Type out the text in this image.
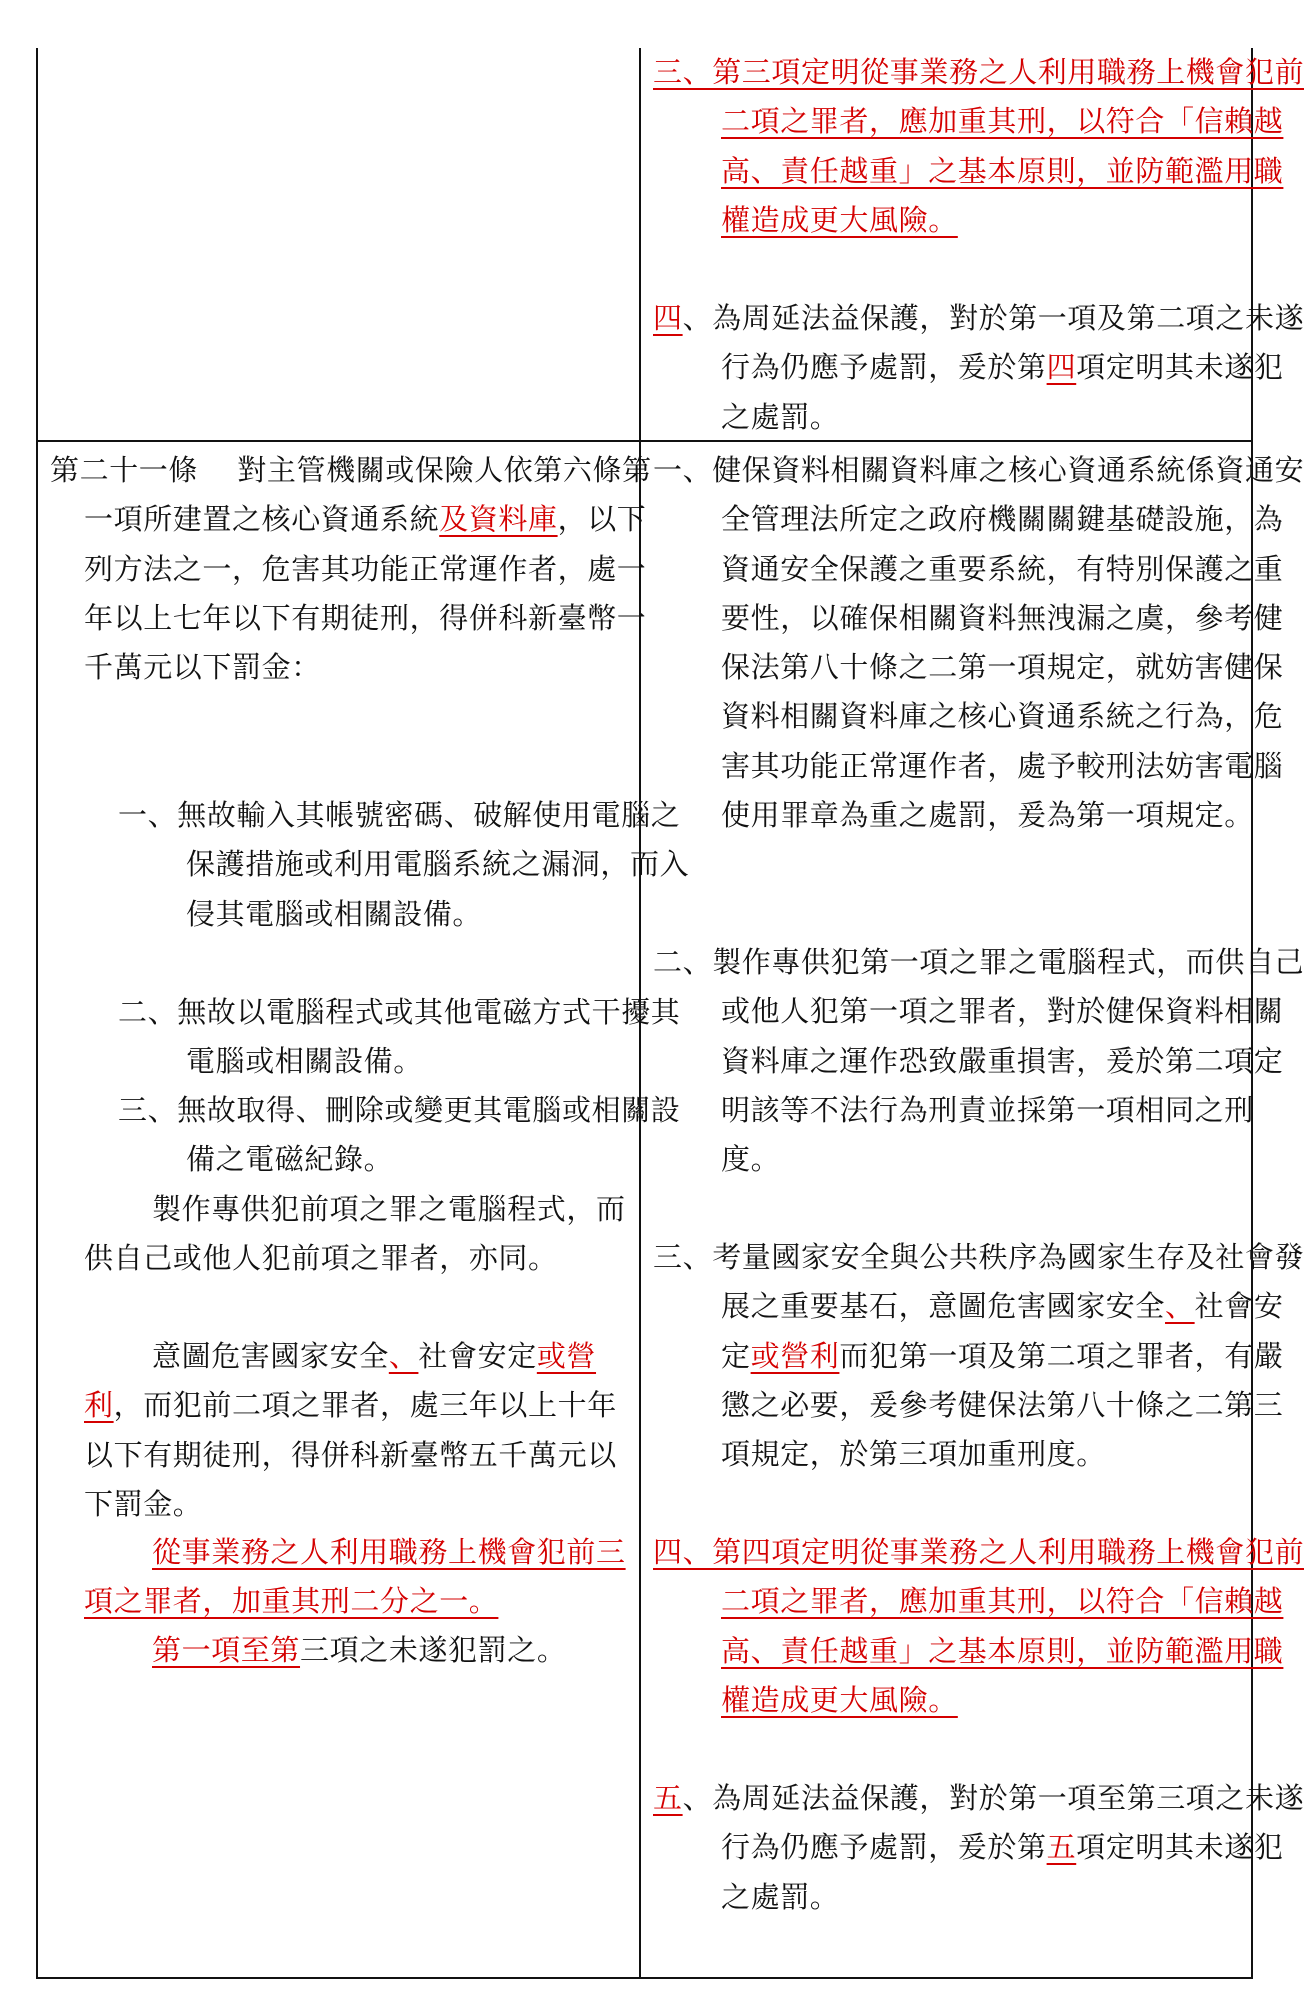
三、第三項定明從事業務之人利用職務上機會犯前二項之罪者，應加重其刑，以符合「信賴越高、責任越重」之基本原則，並防範濫用職權造成更大風險。

四、為周延法益保護，對於第一項及第二項之未遂行為仍應予處罰，爰於第四項定明其未遂犯之處罰。

第二十一條 對主管機關或保險人依第六條第一項所建置之核心資通系統及資料庫，以下列方法之一，危害其功能正常運作者，處一年以上七年以下有期徒刑，得併科新臺幣一千萬元以下罰金：

一、無故輸入其帳號密碼、破解使用電腦之保護措施或利用電腦系統之漏洞，而入侵其電腦或相關設備。

二、無故以電腦程式或其他電磁方式干擾其電腦或相關設備。

三、無故取得、刪除或變更其電腦或相關設備之電磁紀錄。

製作專供犯前項之罪之電腦程式，而供自己或他人犯前項之罪者，亦同。

意圖危害國家安全、社會安定或營利，而犯前二項之罪者，處三年以上十年以下有期徒刑，得併科新臺幣五千萬元以下罰金。

從事業務之人利用職務上機會犯前三項之罪者，加重其刑二分之一。

第一項至第三項之未遂犯罰之。

一、健保資料相關資料庫之核心資通系統係資通安全管理法所定之政府機關關鍵基礎設施，為資通安全保護之重要系統，有特別保護之重要性，以確保相關資料無洩漏之虞，參考健保法第八十條之二第一項規定，就妨害健保資料相關資料庫之核心資通系統之行為，危害其功能正常運作者，處予較刑法妨害電腦使用罪章為重之處罰，爰為第一項規定。

二、製作專供犯第一項之罪之電腦程式，而供自己或他人犯第一項之罪者，對於健保資料相關資料庫之運作恐致嚴重損害，爰於第二項定明該等不法行為刑責並採第一項相同之刑度。

三、考量國家安全與公共秩序為國家生存及社會發展之重要基石，意圖危害國家安全、社會安定或營利而犯第一項及第二項之罪者，有嚴懲之必要，爰參考健保法第八十條之二第三項規定，於第三項加重刑度。

四、第四項定明從事業務之人利用職務上機會犯前二項之罪者，應加重其刑，以符合「信賴越高、責任越重」之基本原則，並防範濫用職權造成更大風險。

五、為周延法益保護，對於第一項至第三項之未遂行為仍應予處罰，爰於第五項定明其未遂犯之處罰。
